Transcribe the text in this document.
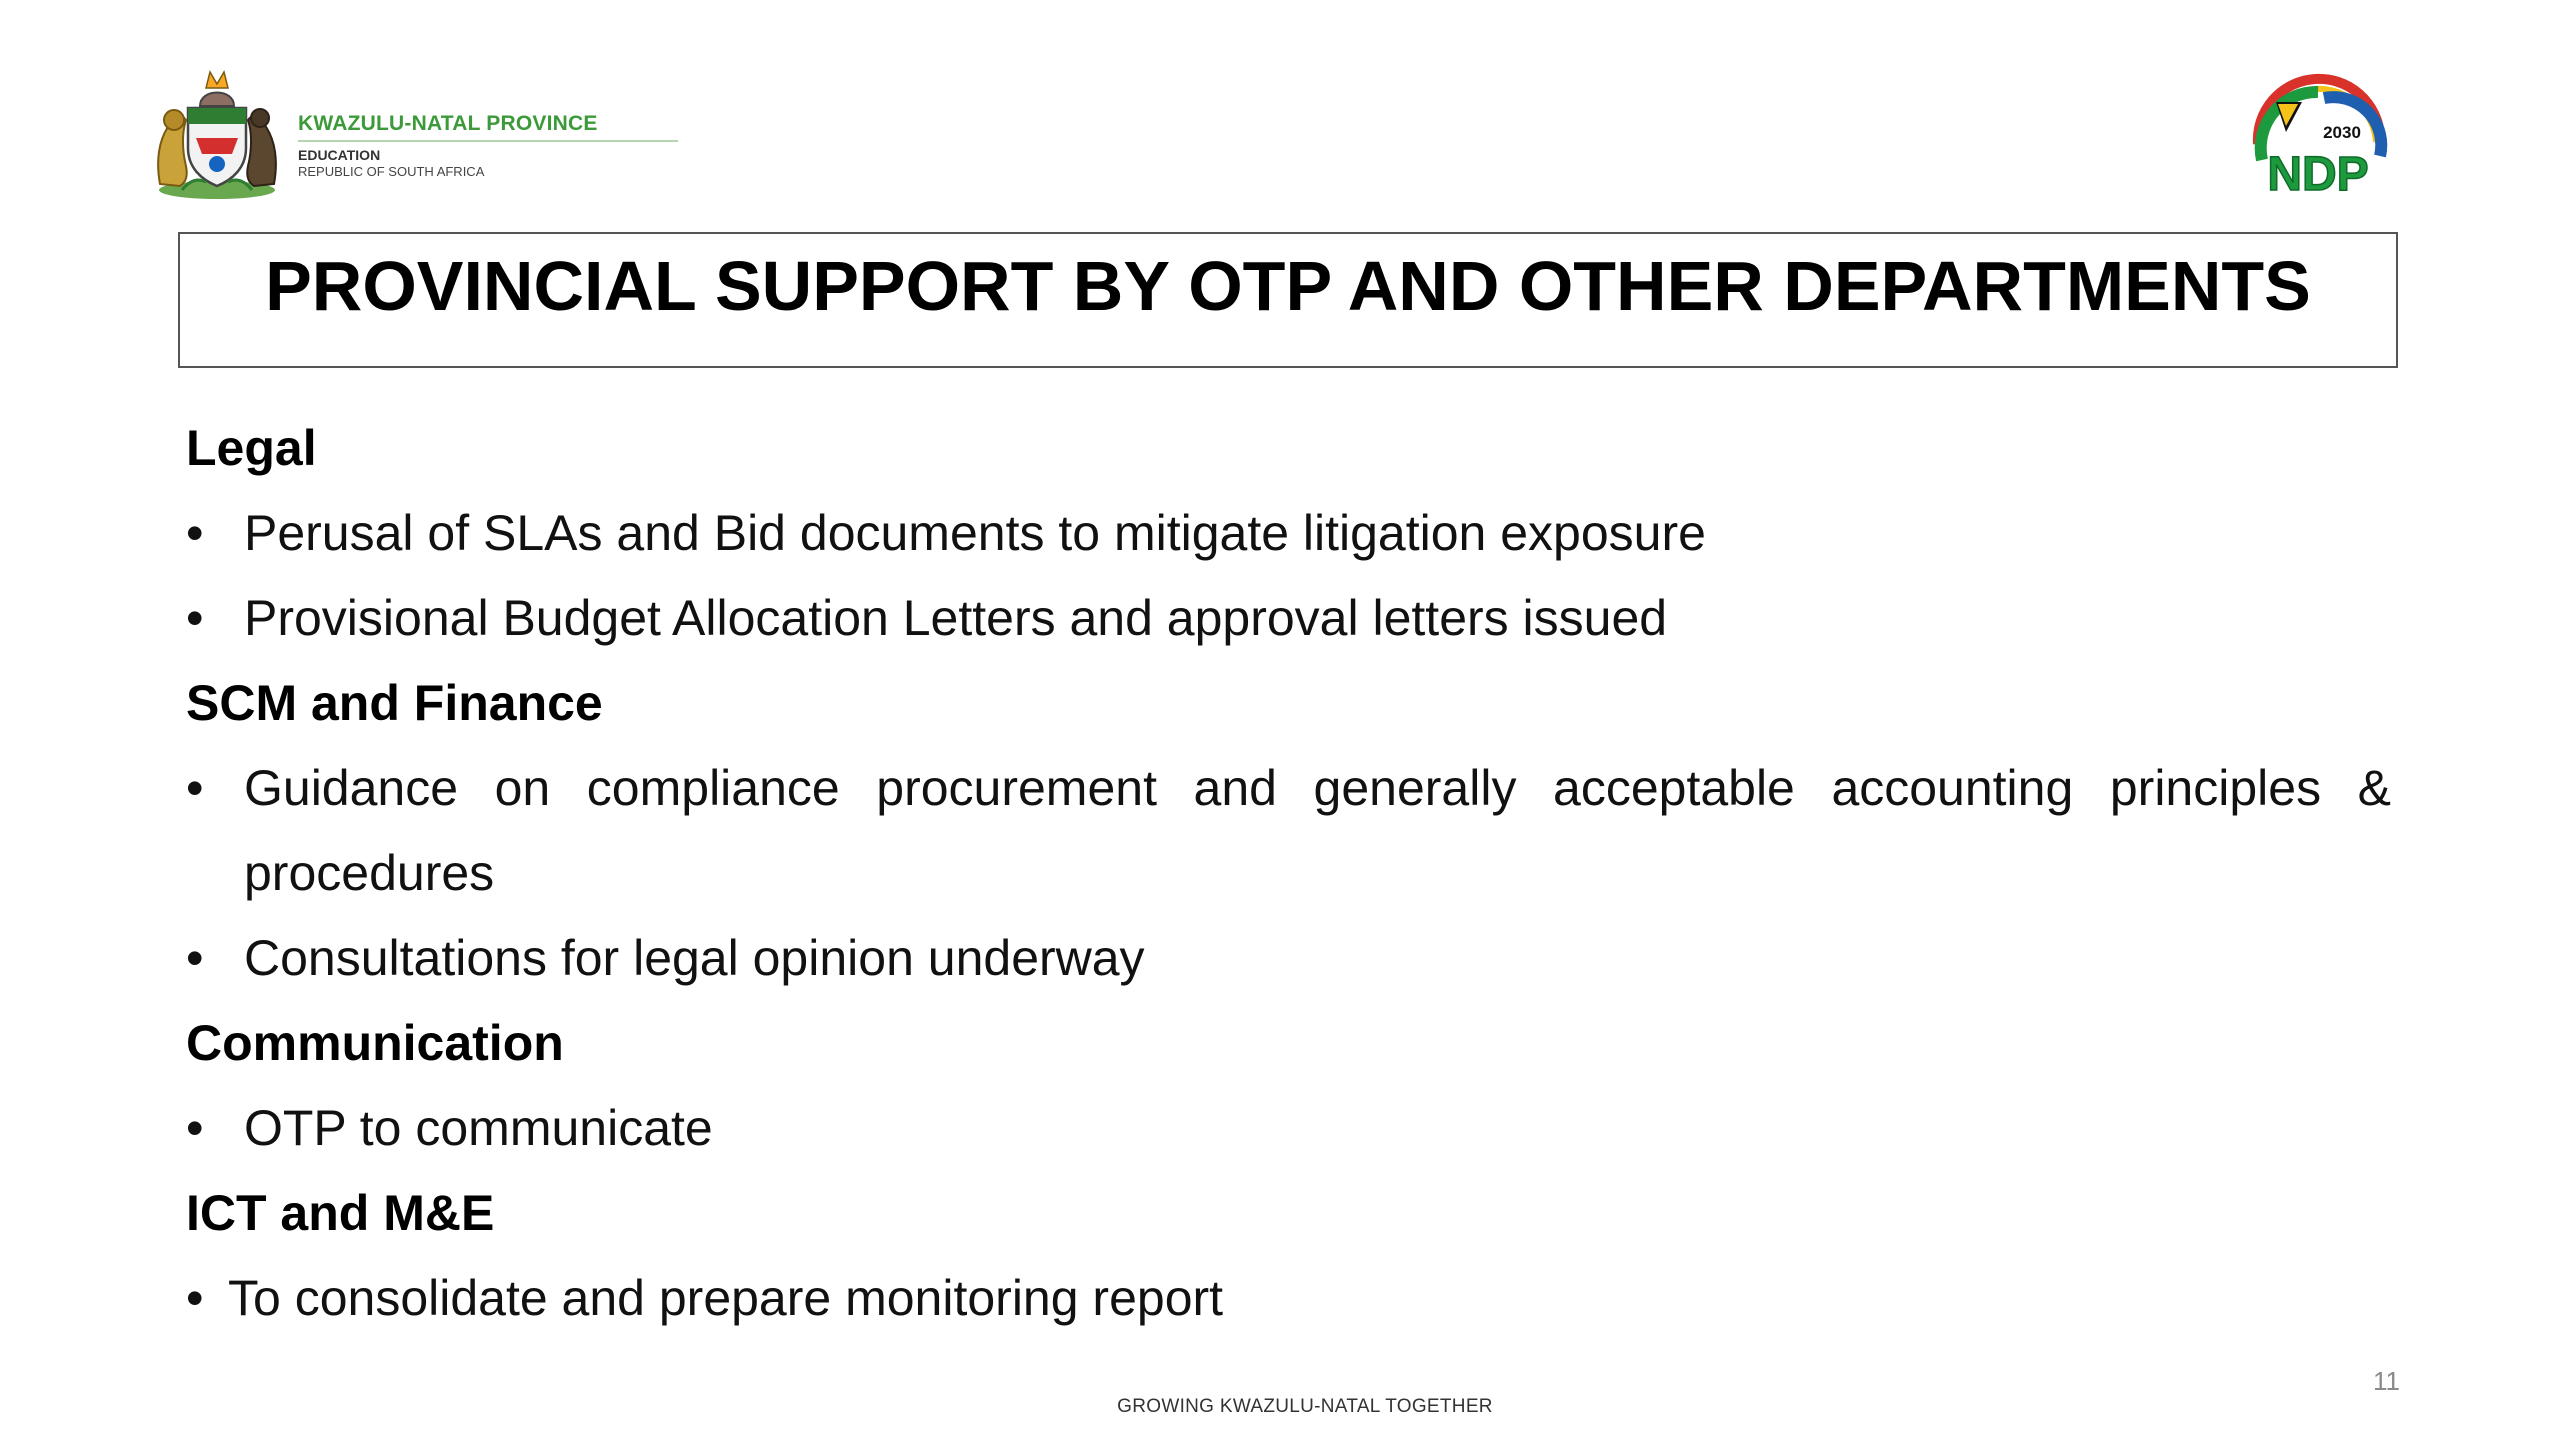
KWAZULU-NATAL PROVINCE
EDUCATION
REPUBLIC OF SOUTH AFRICA
2030
NDP
PROVINCIAL SUPPORT BY OTP AND OTHER DEPARTMENTS
Legal
• Perusal of SLAs and Bid documents to mitigate litigation exposure
• Provisional Budget Allocation Letters and approval letters issued
SCM and Finance
• Guidance on compliance procurement and generally acceptable accounting principles & procedures
• Consultations for legal opinion underway
Communication
• OTP to communicate
ICT and M&E
• To consolidate and prepare monitoring report
11
GROWING KWAZULU-NATAL TOGETHER
